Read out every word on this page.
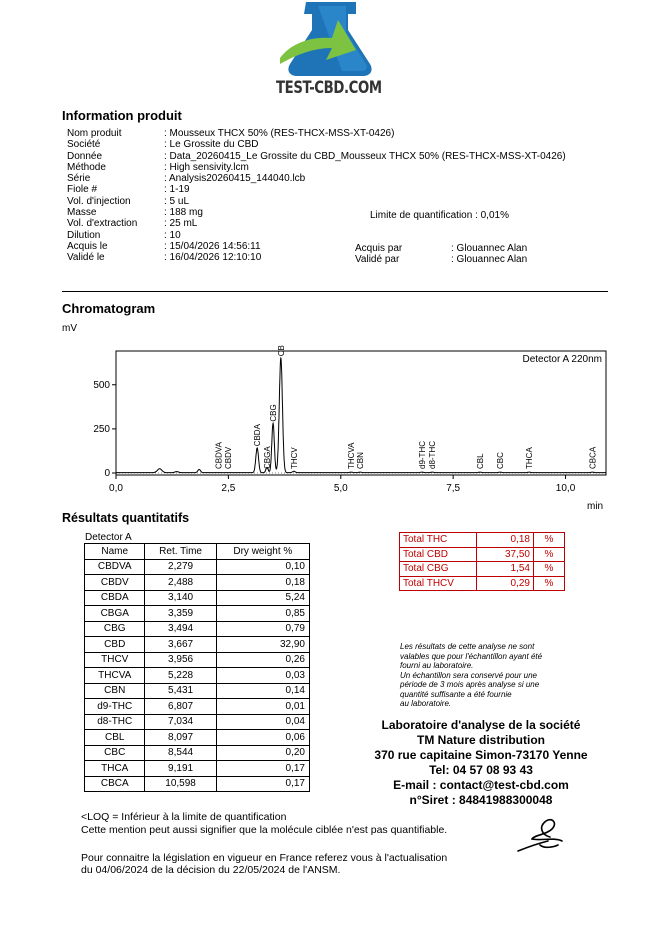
TEST-CBD.COM
Information produit
Nom produit	: Mousseux THCX 50% (RES-THCX-MSS-XT-0426)
Société	: Le Grossite du CBD
Donnée	: Data_20260415_Le Grossite du CBD_Mousseux THCX 50% (RES-THCX-MSS-XT-0426)
Méthode	: High sensivity.lcm
Série	: Analysis20260415_144040.lcb
Fiole #	: 1-19
Vol. d'injection	: 5 uL
Masse	: 188 mg
Vol. d'extraction	: 25 mL
Dilution	: 10
Acquis le	: 15/04/2026 14:56:11
Validé le	: 16/04/2026 12:10:10
Limite de quantification : 0,01%
Acquis par	: Glouannec Alan
Validé par	: Glouannec Alan
Chromatogram
mV
Detector A 220nm
0
250
500
0,0	2,5	5,0	7,5	10,0
CBDVA CBDV
CBDA
CBGA
CBG
CBD
THCV	THCVA CBN	d9-THC d8-THC	CBL CBC	THCA	CBCA
min
Résultats quantitatifs
Detector A
Name	Ret. Time	Dry weight %
CBDVA	2,279	0,10
CBDV	2,488	0,18
CBDA	3,140	5,24
CBGA	3,359	0,85
CBG	3,494	0,79
CBD	3,667	32,90
THCV	3,956	0,26
THCVA	5,228	0,03
CBN	5,431	0,14
d9-THC	6,807	0,01
d8-THC	7,034	0,04
CBL	8,097	0,06
CBC	8,544	0,20
THCA	9,191	0,17
CBCA	10,598	0,17
Total THC	0,18	%
Total CBD	37,50	%
Total CBG	1,54	%
Total THCV	0,29	%
Les résultats de cette analyse ne sont
valables que pour l'échantillon ayant été
fourni au laboratoire.
Un échantillon sera conservé pour une
période de 3 mois après analyse si une
quantité suffisante a été fournie
au laboratoire.
Laboratoire d'analyse de la société
TM Nature distribution
370 rue capitaine Simon-73170 Yenne
Tel: 04 57 08 93 43
E-mail : contact@test-cbd.com
n°Siret : 84841988300048
<LOQ = Inférieur à la limite de quantification
Cette mention peut aussi signifier que la molécule ciblée n'est pas quantifiable.
Pour connaitre la législation en vigueur en France referez vous à l'actualisation
du 04/06/2024 de la décision du 22/05/2024 de l'ANSM.
